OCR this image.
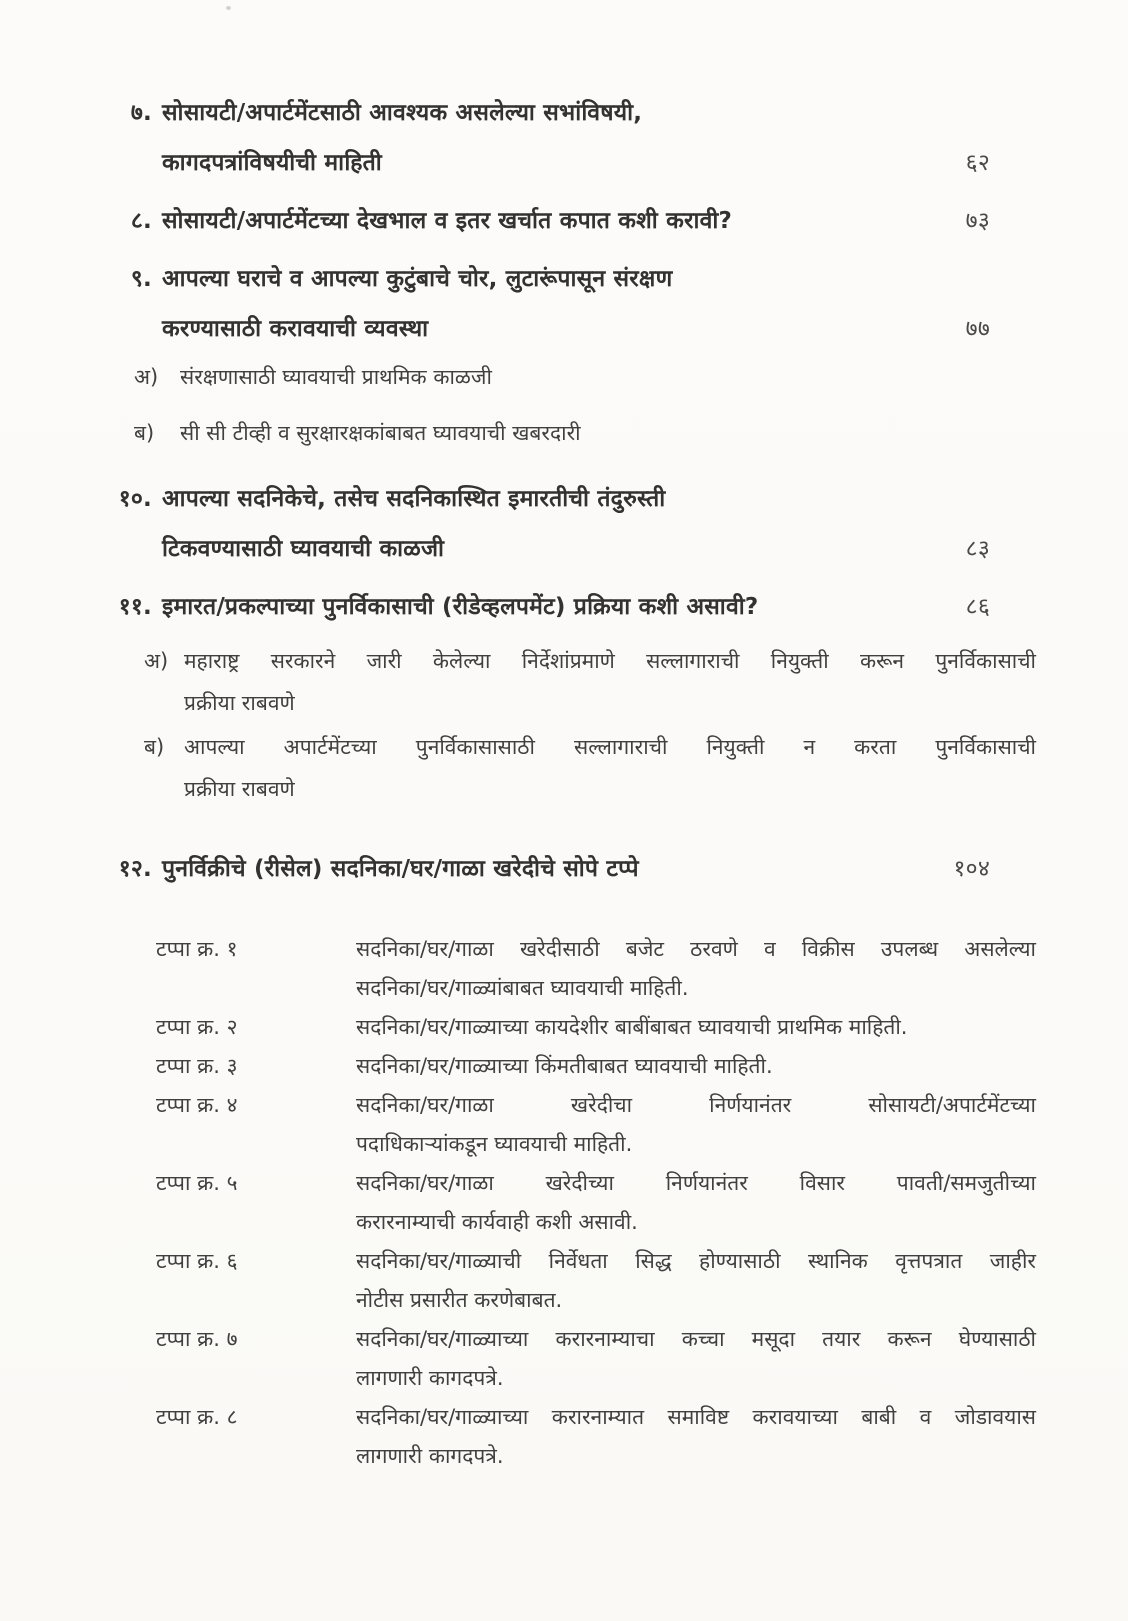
७. सोसायटी/अपार्टमेंटसाठी आवश्यक असलेल्या सभांविषयी,
कागदपत्रांविषयीची माहिती	६२
८. सोसायटी/अपार्टमेंटच्या देखभाल व इतर खर्चात कपात कशी करावी?	७३
९. आपल्या घराचे व आपल्या कुटुंबाचे चोर, लुटारूंपासून संरक्षण
करण्यासाठी करावयाची व्यवस्था	७७
अ)	संरक्षणासाठी घ्यावयाची प्राथमिक काळजी
ब)	सी सी टीव्ही व सुरक्षारक्षकांबाबत घ्यावयाची खबरदारी
१०. आपल्या सदनिकेचे, तसेच सदनिकास्थित इमारतीची तंदुरुस्ती
टिकवण्यासाठी घ्यावयाची काळजी	८३
११. इमारत/प्रकल्पाच्या पुनर्विकासाची (रीडेव्हलपमेंट) प्रक्रिया कशी असावी?	८६
अ) महाराष्ट्र सरकारने जारी केलेल्या निर्देशांप्रमाणे सल्लागाराची नियुक्ती करून पुनर्विकासाची
प्रक्रीया राबवणे
ब) आपल्या अपार्टमेंटच्या पुनर्विकासासाठी सल्लागाराची नियुक्ती न करता पुनर्विकासाची
प्रक्रीया राबवणे
१२. पुनर्विक्रीचे (रीसेल) सदनिका/घर/गाळा खरेदीचे सोपे टप्पे	१०४
टप्पा क्र. १	सदनिका/घर/गाळा खरेदीसाठी बजेट ठरवणे व विक्रीस उपलब्ध असलेल्या
सदनिका/घर/गाळ्यांबाबत घ्यावयाची माहिती.
टप्पा क्र. २	सदनिका/घर/गाळ्याच्या कायदेशीर बाबींबाबत घ्यावयाची प्राथमिक माहिती.
टप्पा क्र. ३	सदनिका/घर/गाळ्याच्या किंमतीबाबत घ्यावयाची माहिती.
टप्पा क्र. ४	सदनिका/घर/गाळा खरेदीचा निर्णयानंतर सोसायटी/अपार्टमेंटच्या
पदाधिकाऱ्यांकडून घ्यावयाची माहिती.
टप्पा क्र. ५	सदनिका/घर/गाळा खरेदीच्या निर्णयानंतर विसार पावती/समजुतीच्या
करारनाम्याची कार्यवाही कशी असावी.
टप्पा क्र. ६	सदनिका/घर/गाळ्याची निर्वेधता सिद्ध होण्यासाठी स्थानिक वृत्तपत्रात जाहीर
नोटीस प्रसारीत करणेबाबत.
टप्पा क्र. ७	सदनिका/घर/गाळ्याच्या करारनाम्याचा कच्चा मसूदा तयार करून घेण्यासाठी
लागणारी कागदपत्रे.
टप्पा क्र. ८	सदनिका/घर/गाळ्याच्या करारनाम्यात समाविष्ट करावयाच्या बाबी व जोडावयास
लागणारी कागदपत्रे.
